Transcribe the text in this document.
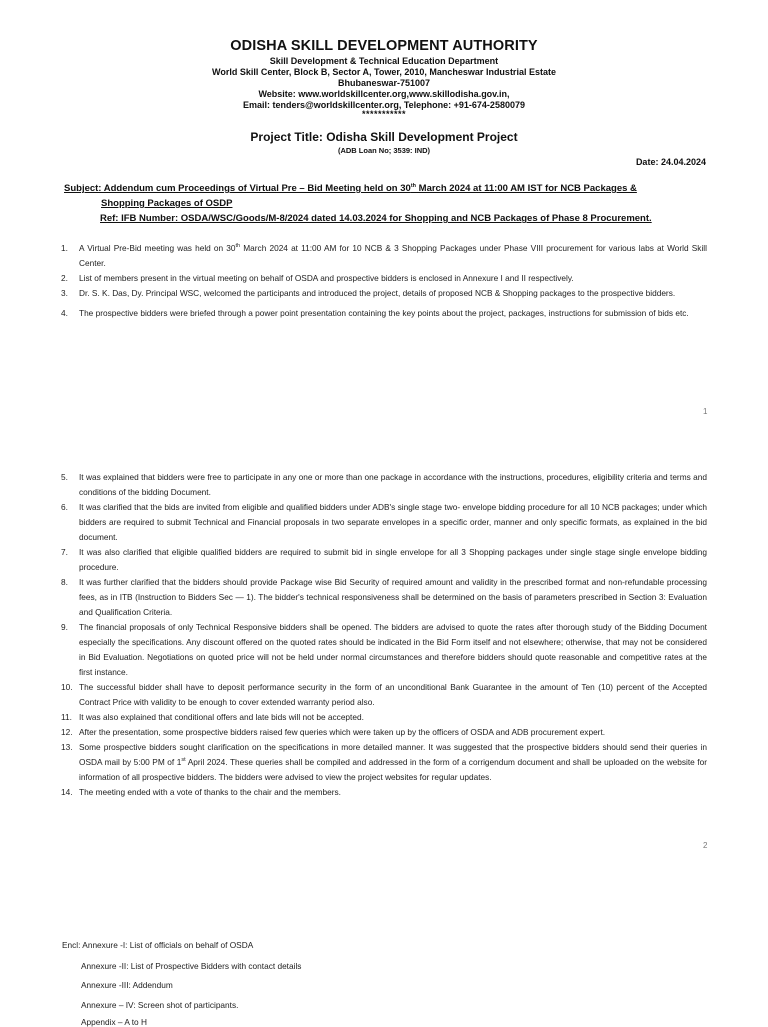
ODISHA SKILL DEVELOPMENT AUTHORITY
Skill Development & Technical Education Department
World Skill Center, Block B, Sector A, Tower, 2010, Mancheswar Industrial Estate
Bhubaneswar-751007
Website: www.worldskillcenter.org,www.skillodisha.gov.in,
Email: tenders@worldskillcenter.org, Telephone: +91-674-2580079
***********
Project Title: Odisha Skill Development Project
(ADB Loan No; 3539: IND)
Date: 24.04.2024
Subject: Addendum cum Proceedings of Virtual Pre – Bid Meeting held on 30th March 2024 at 11:00 AM IST for NCB Packages &
Shopping Packages of OSDP
Ref: IFB Number: OSDA/WSC/Goods/M-8/2024 dated 14.03.2024 for Shopping and NCB Packages of Phase 8 Procurement.
1. A Virtual Pre-Bid meeting was held on 30th March 2024 at 11:00 AM for 10 NCB & 3 Shopping Packages under Phase VIII procurement for various labs at World Skill Center.
2. List of members present in the virtual meeting on behalf of OSDA and prospective bidders is enclosed in Annexure I and II respectively.
3. Dr. S. K. Das, Dy. Principal WSC, welcomed the participants and introduced the project, details of proposed NCB & Shopping packages to the prospective bidders.
4. The prospective bidders were briefed through a power point presentation containing the key points about the project, packages, instructions for submission of bids etc.
1
5. It was explained that bidders were free to participate in any one or more than one package in accordance with the instructions, procedures, eligibility criteria and terms and conditions of the bidding Document.
6. It was clarified that the bids are invited from eligible and qualified bidders under ADB's single stage two- envelope bidding procedure for all 10 NCB packages; under which bidders are required to submit Technical and Financial proposals in two separate envelopes in a specific order, manner and only specific formats, as explained in the bid document.
7. It was also clarified that eligible qualified bidders are required to submit bid in single envelope for all 3 Shopping packages under single stage single envelope bidding procedure.
8. It was further clarified that the bidders should provide Package wise Bid Security of required amount and validity in the prescribed format and non-refundable processing fees, as in ITB (Instruction to Bidders Sec — 1). The bidder's technical responsiveness shall be determined on the basis of parameters prescribed in Section 3: Evaluation and Qualification Criteria.
9. The financial proposals of only Technical Responsive bidders shall be opened. The bidders are advised to quote the rates after thorough study of the Bidding Document especially the specifications. Any discount offered on the quoted rates should be indicated in the Bid Form itself and not elsewhere; otherwise, that may not be considered in Bid Evaluation. Negotiations on quoted price will not be held under normal circumstances and therefore bidders should quote reasonable and competitive rates at the first instance.
10. The successful bidder shall have to deposit performance security in the form of an unconditional Bank Guarantee in the amount of Ten (10) percent of the Accepted Contract Price with validity to be enough to cover extended warranty period also.
11. It was also explained that conditional offers and late bids will not be accepted.
12. After the presentation, some prospective bidders raised few queries which were taken up by the officers of OSDA and ADB procurement expert.
13. Some prospective bidders sought clarification on the specifications in more detailed manner. It was suggested that the prospective bidders should send their queries in OSDA mail by 5:00 PM of 1st April 2024. These queries shall be compiled and addressed in the form of a corrigendum document and shall be uploaded on the website for information of all prospective bidders. The bidders were advised to view the project websites for regular updates.
14. The meeting ended with a vote of thanks to the chair and the members.
2
Encl: Annexure -I: List of officials on behalf of OSDA
Annexure -II: List of Prospective Bidders with contact details
Annexure -III: Addendum
Annexure – IV: Screen shot of participants.
Appendix – A to H
